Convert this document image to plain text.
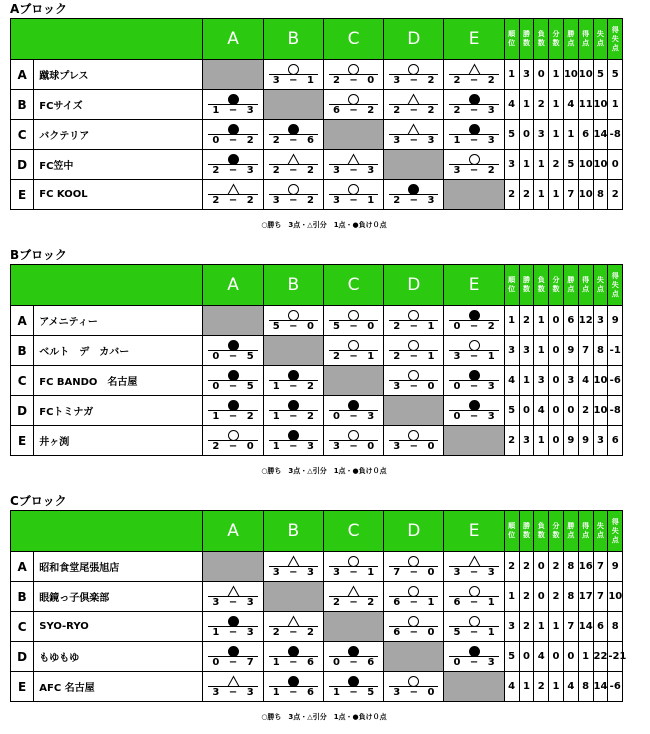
Aブロック
		A	B	C	D	E	順位	勝数	負数	分数	勝点	得点	失点	得失点
A	蹴球プレス		3 − 1	2 − 0	3 − 2	2 − 2	1	3	0	1	10	10	5	5
B	FCサイズ	1 − 3		6 − 2	2 − 2	2 − 3	4	1	2	1	4	11	10	1
C	バクテリア	0 − 2	2 − 6		3 − 3	1 − 3	5	0	3	1	1	6	14	-8
D	FC笠中	2 − 3	2 − 2	3 − 3		3 − 2	3	1	1	2	5	10	10	0
E	FC KOOL	2 − 2	3 − 2	3 − 1	2 − 3		2	2	1	1	7	10	8	2
○勝ち　3点・△引分　1点・●負け０点
Bブロック
		A	B	C	D	E	順位	勝数	負数	分数	勝点	得点	失点	得失点
A	アメニティー		5 − 0	5 − 0	2 − 1	0 − 2	1	2	1	0	6	12	3	9
B	ベルト　デ　カバー	0 − 5		2 − 1	2 − 1	3 − 1	3	3	1	0	9	7	8	-1
C	FC BANDO　名古屋	0 − 5	1 − 2		3 − 0	0 − 3	4	1	3	0	3	4	10	-6
D	FCトミナガ	1 − 2	1 − 2	0 − 3		0 − 3	5	0	4	0	0	2	10	-8
E	井ヶ渕	2 − 0	1 − 3	3 − 0	3 − 0		2	3	1	0	9	9	3	6
○勝ち　3点・△引分　1点・●負け０点
Cブロック
		A	B	C	D	E	順位	勝数	負数	分数	勝点	得点	失点	得失点
A	昭和食堂尾張旭店		3 − 3	3 − 1	7 − 0	3 − 3	2	2	0	2	8	16	7	9
B	眼鏡っ子倶楽部	3 − 3		2 − 2	6 − 1	6 − 1	1	2	0	2	8	17	7	10
C	SYO-RYO	1 − 3	2 − 2		6 − 0	5 − 1	3	2	1	1	7	14	6	8
D	もゆもゆ	0 − 7	1 − 6	0 − 6		0 − 3	5	0	4	0	0	1	22	-21
E	AFC 名古屋	3 − 3	1 − 6	1 − 5	3 − 0		4	1	2	1	4	8	14	-6
○勝ち　3点・△引分　1点・●負け０点
